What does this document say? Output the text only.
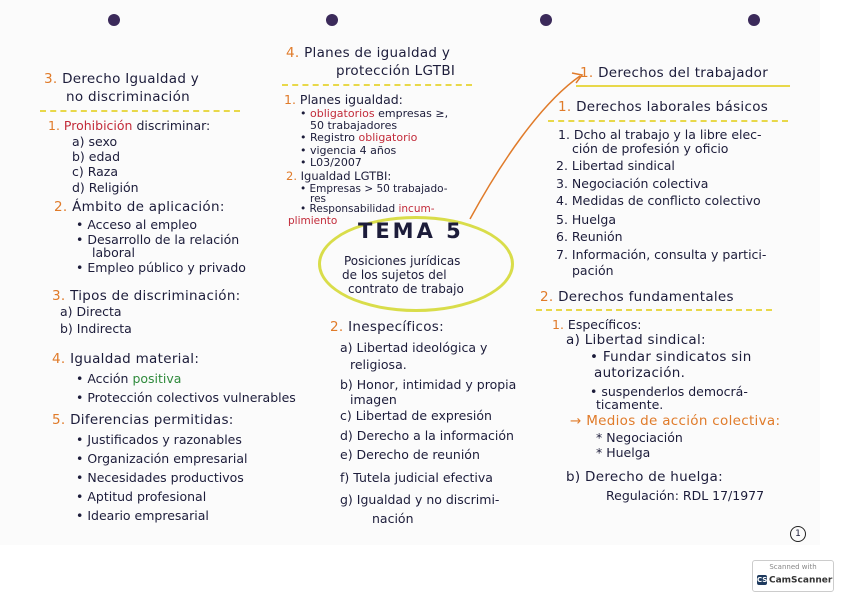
3. Derecho Igualdad y
no discriminación
1. Prohibición discriminar:
a) sexo
b) edad
c) Raza
d) Religión
2. Ámbito de aplicación:
• Acceso al empleo
• Desarrollo de la relación
laboral
• Empleo público y privado
3. Tipos de discriminación:
a) Directa
b) Indirecta
4. Igualdad material:
• Acción positiva
• Protección colectivos vulnerables
5. Diferencias permitidas:
• Justificados y razonables
• Organización empresarial
• Necesidades productivos
• Aptitud profesional
• Ideario empresarial
4. Planes de igualdad y
protección LGTBI
1. Planes igualdad:
• obligatorios empresas ≥,
50 trabajadores
• Registro obligatorio
• vigencia 4 años
• L03/2007
2. Igualdad LGTBI:
• Empresas > 50 trabajado-
res
• Responsabilidad incum-
plimiento TEMA 5
Posiciones jurídicas
de los sujetos del
contrato de trabajo
2. Inespecíficos:
a) Libertad ideológica y
religiosa.
b) Honor, intimidad y propia
imagen
c) Libertad de expresión
d) Derecho a la información
e) Derecho de reunión
f) Tutela judicial efectiva
g) Igualdad y no discrimi-
nación
1. Derechos del trabajador
1. Derechos laborales básicos
1. Dcho al trabajo y la libre elec-
ción de profesión y oficio
2. Libertad sindical
3. Negociación colectiva
4. Medidas de conflicto colectivo
5. Huelga
6. Reunión
7. Información, consulta y partici-
pación
2. Derechos fundamentales
1. Específicos:
a) Libertad sindical:
• Fundar sindicatos sin
autorización.
• suspenderlos democrá-
ticamente.
→ Medios de acción colectiva:
* Negociación
* Huelga
b) Derecho de huelga:
Regulación: RDL 17/1977
1
Scanned with
CS CamScanner
